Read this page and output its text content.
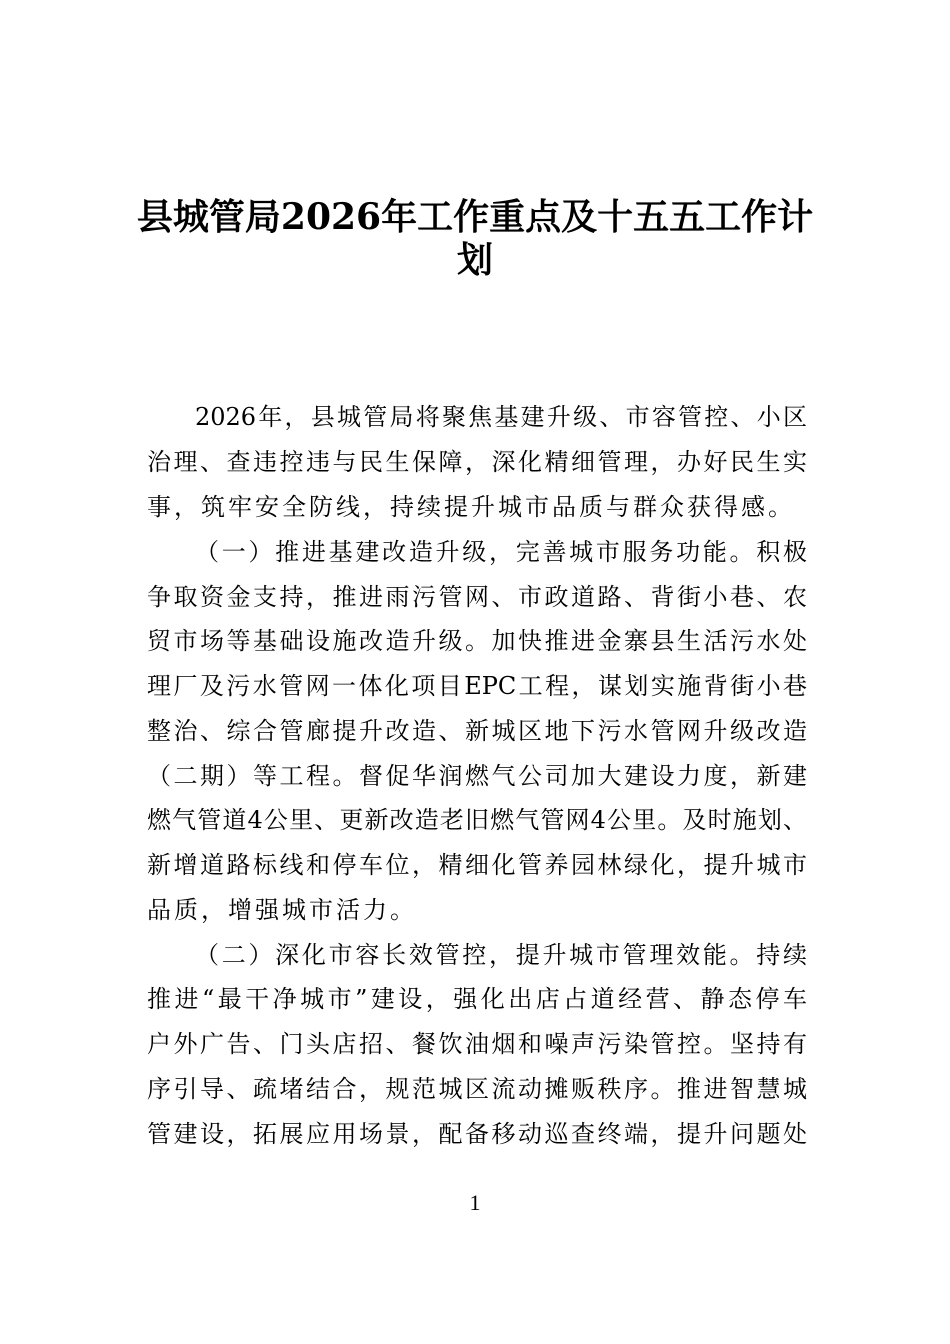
县城管局2026年工作重点及十五五工作计
划
2026年，县城管局将聚焦基建升级、市容管控、小区
治理、查违控违与民生保障，深化精细管理，办好民生实
事，筑牢安全防线，持续提升城市品质与群众获得感。
（一）推进基建改造升级，完善城市服务功能。积极
争取资金支持，推进雨污管网、市政道路、背街小巷、农
贸市场等基础设施改造升级。加快推进金寨县生活污水处
理厂及污水管网一体化项目EPC工程，谋划实施背街小巷
整治、综合管廊提升改造、新城区地下污水管网升级改造
（二期）等工程。督促华润燃气公司加大建设力度，新建
燃气管道4公里、更新改造老旧燃气管网4公里。及时施划、
新增道路标线和停车位，精细化管养园林绿化，提升城市
品质，增强城市活力。
（二）深化市容长效管控，提升城市管理效能。持续
推进“最干净城市”建设，强化出店占道经营、静态停车
户外广告、门头店招、餐饮油烟和噪声污染管控。坚持有
序引导、疏堵结合，规范城区流动摊贩秩序。推进智慧城
管建设，拓展应用场景，配备移动巡查终端，提升问题处
1
